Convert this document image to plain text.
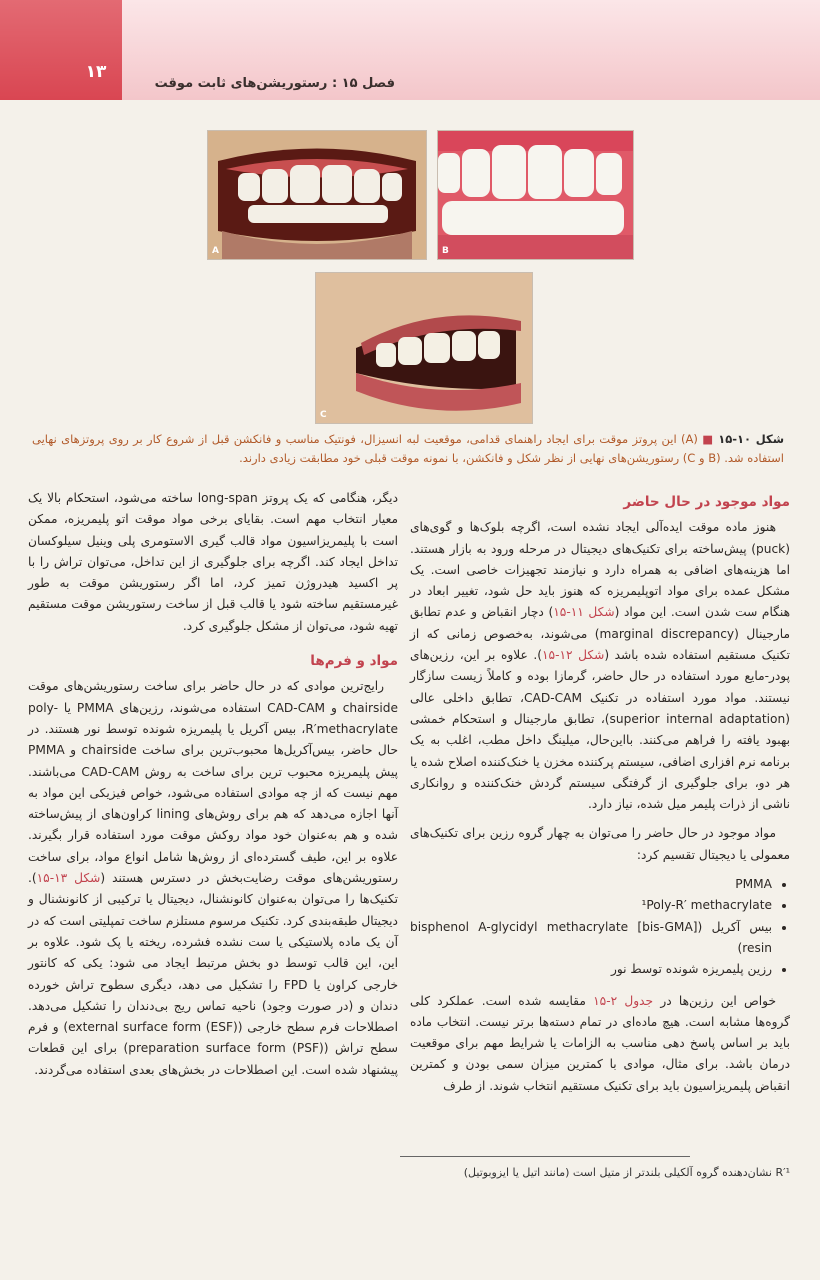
۱۳
فصل ۱۵ : رستوریشن‌های ثابت موقت
A	B
C
شکل ۱۰-۱۵ ■ (A) این پروتز موقت برای ایجاد راهنمای قدامی، موقعیت لبه انسیزال، فونتیک مناسب و فانکشن قبل از شروع کار بر روی پروتزهای نهایی استفاده شد. (B و C) رستوریشن‌های نهایی از نظر شکل و فانکشن، با نمونه موقت قبلی خود مطابقت زیادی دارند.
مواد موجود در حال حاضر

هنوز ماده موقت ایده‌آلی ایجاد نشده است، اگرچه بلوک‌ها و گوی‌های (puck) پیش‌ساخته برای تکنیک‌های دیجیتال در مرحله ورود به بازار هستند. اما هزینه‌های اضافی به همراه دارد و نیازمند تجهیزات خاصی است. یک مشکل عمده برای مواد اتوپلیمریزه که هنوز باید حل شود، تغییر ابعاد در هنگام ست شدن است. این مواد (شکل ۱۱-۱۵) دچار انقباض و عدم تطابق مارجینال (marginal discrepancy) می‌شوند، به‌خصوص زمانی که از تکنیک مستقیم استفاده شده باشد (شکل ۱۲-۱۵). علاوه بر این، رزین‌های پودر-مایع مورد استفاده در حال حاضر، گرمازا بوده و کاملاً زیست سازگار نیستند. مواد مورد استفاده در تکنیک CAD-CAM، تطابق داخلی عالی (superior internal adaptation)، تطابق مارجینال و استحکام خمشی بهبود یافته را فراهم می‌کنند. بااین‌حال، میلینگ داخل مطب، اغلب به یک برنامه نرم افزاری اضافی، سیستم پرکننده مخزن یا خنک‌کننده اصلاح شده یا هر دو، برای جلوگیری از گرفتگی سیستم گردش خنک‌کننده و روانکاری ناشی از ذرات پلیمر میل شده، نیاز دارد.

مواد موجود در حال حاضر را می‌توان به چهار گروه رزین برای تکنیک‌های معمولی یا دیجیتال تقسیم کرد:

• PMMA
• ¹Poly-R′ methacrylate
• بیس آکریل (bisphenol A-glycidyl methacrylate [bis-GMA] resin)
• رزین پلیمریزه شونده توسط نور

خواص این رزین‌ها در جدول ۲-۱۵ مقایسه شده است. عملکرد کلی گروه‌ها مشابه است. هیچ ماده‌ای در تمام دسته‌ها برتر نیست. انتخاب ماده باید بر اساس پاسخ دهی مناسب به الزامات یا شرایط مهم برای موقعیت درمان باشد. برای مثال، موادی با کمترین میزان سمی بودن و کمترین انقباض پلیمریزاسیون باید برای تکنیک مستقیم انتخاب شوند. از طرف

دیگر، هنگامی که یک پروتز long-span ساخته می‌شود، استحکام بالا یک معیار انتخاب مهم است. بقایای برخی مواد موقت اتو پلیمریزه، ممکن است با پلیمریزاسیون مواد قالب گیری الاستومری پلی وینیل سیلوکسان تداخل ایجاد کند. اگرچه برای جلوگیری از این تداخل، می‌توان تراش را با پر اکسید هیدروژن تمیز کرد، اما اگر رستوریشن موقت به طور غیرمستقیم ساخته شود یا قالب قبل از ساخت رستوریشن موقت مستقیم تهیه شود، می‌توان از مشکل جلوگیری کرد.

مواد و فرم‌ها

رایج‌ترین موادی که در حال حاضر برای ساخت رستوریشن‌های موقت chairside و CAD-CAM استفاده می‌شوند، رزین‌های PMMA یا poly-R′methacrylate، بیس آکریل یا پلیمریزه شونده توسط نور هستند. در حال حاضر، بیس‌آکریل‌ها محبوب‌ترین برای ساخت chairside و PMMA پیش پلیمریزه محبوب ترین برای ساخت به روش CAD-CAM می‌باشند. مهم نیست که از چه موادی استفاده می‌شود، خواص فیزیکی این مواد به آنها اجازه می‌دهد که هم برای روش‌های lining کراون‌های از پیش‌ساخته شده و هم به‌عنوان خود مواد روکش موقت مورد استفاده قرار بگیرند. علاوه بر این، طیف گسترده‌ای از روش‌ها شامل انواع مواد، برای ساخت رستوریشن‌های موقت رضایت‌بخش در دسترس هستند (شکل ۱۳-۱۵). تکنیک‌ها را می‌توان به‌عنوان کانونشنال، دیجیتال یا ترکیبی از کانونشنال و دیجیتال طبقه‌بندی کرد. تکنیک مرسوم مستلزم ساخت تمپلیتی است که در آن یک ماده پلاستیکی یا ست نشده فشرده، ریخته یا پک شود. علاوه بر این، این قالب توسط دو بخش مرتبط ایجاد می شود: یکی که کانتور خارجی کراون یا FPD را تشکیل می دهد، دیگری سطوح تراش خورده دندان و (در صورت وجود) ناحیه تماس ریج بی‌دندان را تشکیل می‌دهد. اصطلاحات فرم سطح خارجی (external surface form (ESF)) و فرم سطح تراش (preparation surface form (PSF)) برای این قطعات پیشنهاد شده است. این اصطلاحات در بخش‌های بعدی استفاده می‌گردند.

R′¹ نشان‌دهنده گروه آلکیلی بلندتر از متیل است (مانند اتیل یا ایزوبوتیل)
